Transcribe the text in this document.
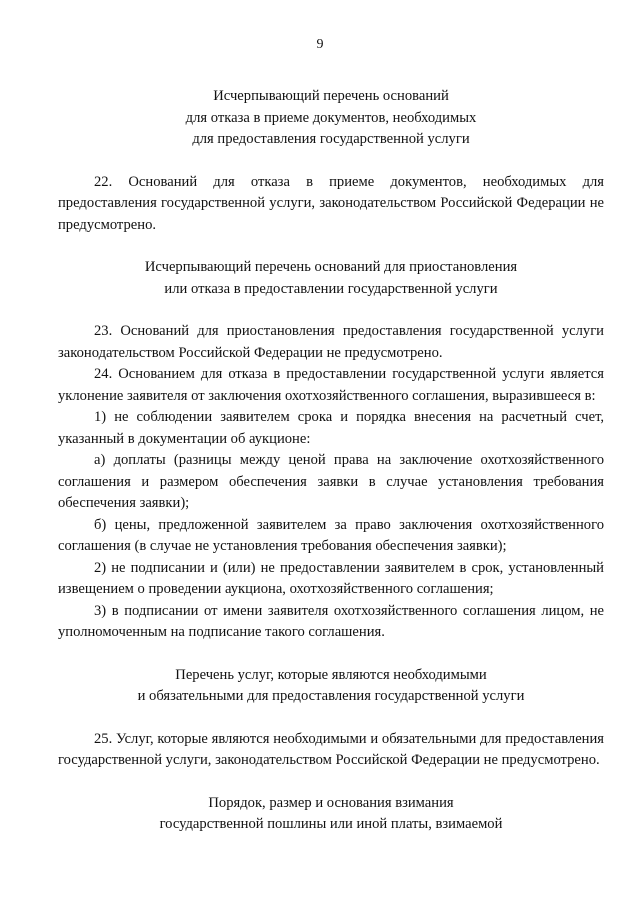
9
Исчерпывающий перечень оснований
для отказа в приеме документов, необходимых
для предоставления государственной услуги

22. Оснований для отказа в приеме документов, необходимых для предоставления государственной услуги, законодательством Российской Федерации не предусмотрено.

Исчерпывающий перечень оснований для приостановления
или отказа в предоставлении государственной услуги

23. Оснований для приостановления предоставления государственной услуги законодательством Российской Федерации не предусмотрено.

24. Основанием для отказа в предоставлении государственной услуги является уклонение заявителя от заключения охотхозяйственного соглашения, выразившееся в:

1) не соблюдении заявителем срока и порядка внесения на расчетный счет, указанный в документации об аукционе:

а) доплаты (разницы между ценой права на заключение охотхозяйственного соглашения и размером обеспечения заявки в случае установления требования обеспечения заявки);

б) цены, предложенной заявителем за право заключения охотхозяйственного соглашения (в случае не установления требования обеспечения заявки);

2) не подписании и (или) не предоставлении заявителем в срок, установленный извещением о проведении аукциона, охотхозяйственного соглашения;

3) в подписании от имени заявителя охотхозяйственного соглашения лицом, не уполномоченным на подписание такого соглашения.

Перечень услуг, которые являются необходимыми
и обязательными для предоставления государственной услуги

25. Услуг, которые являются необходимыми и обязательными для предоставления государственной услуги, законодательством Российской Федерации не предусмотрено.

Порядок, размер и основания взимания
государственной пошлины или иной платы, взимаемой
